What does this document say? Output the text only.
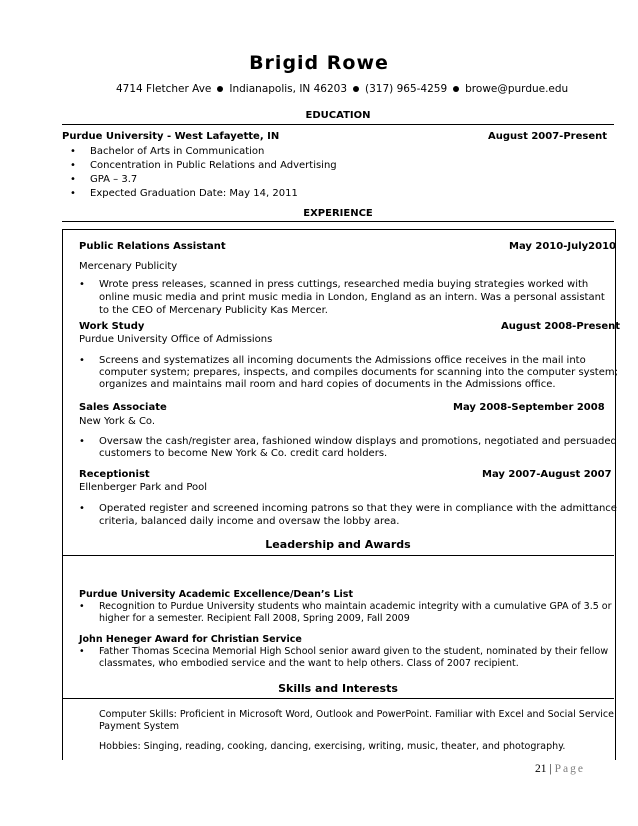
Brigid Rowe
4714 Fletcher Ave Indianapolis, IN 46203 (317) 965-4259 browe@purdue.edu
EDUCATION
Purdue University - West Lafayette, IN	August 2007-Present
• Bachelor of Arts in Communication
• Concentration in Public Relations and Advertising
• GPA – 3.7
• Expected Graduation Date: May 14, 2011
EXPERIENCE
Public Relations Assistant	May 2010-July2010
Mercenary Publicity
• Wrote press releases, scanned in press cuttings, researched media buying strategies worked with
online music media and print music media in London, England as an intern. Was a personal assistant
to the CEO of Mercenary Publicity Kas Mercer.
Work Study	August 2008-Present
Purdue University Office of Admissions
• Screens and systematizes all incoming documents the Admissions office receives in the mail into
computer system; prepares, inspects, and compiles documents for scanning into the computer system;
organizes and maintains mail room and hard copies of documents in the Admissions office.
Sales Associate	May 2008-September 2008
New York & Co.
• Oversaw the cash/register area, fashioned window displays and promotions, negotiated and persuaded
customers to become New York & Co. credit card holders.
Receptionist	May 2007-August 2007
Ellenberger Park and Pool
• Operated register and screened incoming patrons so that they were in compliance with the admittance
criteria, balanced daily income and oversaw the lobby area.
Leadership and Awards
Purdue University Academic Excellence/Dean’s List
• Recognition to Purdue University students who maintain academic integrity with a cumulative GPA of 3.5 or
higher for a semester. Recipient Fall 2008, Spring 2009, Fall 2009
John Heneger Award for Christian Service
• Father Thomas Scecina Memorial High School senior award given to the student, nominated by their fellow
classmates, who embodied service and the want to help others. Class of 2007 recipient.
Skills and Interests
Computer Skills: Proficient in Microsoft Word, Outlook and PowerPoint. Familiar with Excel and Social Service
Payment System
Hobbies: Singing, reading, cooking, dancing, exercising, writing, music, theater, and photography.
21 | Page
